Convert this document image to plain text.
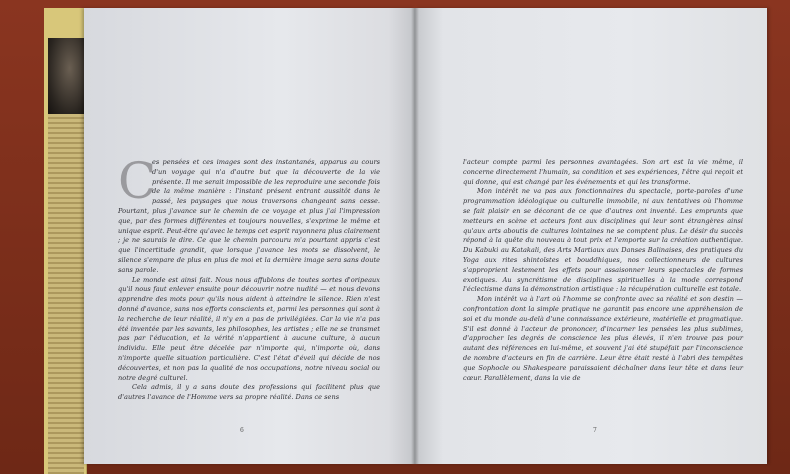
C

es pensées et ces images sont des instantanés, apparus au cours d'un voyage qui n'a d'autre but que la découverte de la vie présente. Il me serait impossible de les reproduire une seconde fois de la même manière : l'instant présent entrant aussitôt dans le passé, les paysages que nous traversons changeant sans cesse. Pourtant, plus j'avance sur le chemin de ce voyage et plus j'ai l'impression que, par des formes différentes et toujours nouvelles, s'exprime le même et unique esprit. Peut-être qu'avec le temps cet esprit rayonnera plus clairement ; je ne saurais le dire. Ce que le chemin parcouru m'a pourtant appris c'est que l'incertitude grandit, que lorsque j'avance les mots se dissolvent, le silence s'empare de plus en plus de moi et la dernière image sera sans doute sans parole.

Le monde est ainsi fait. Nous nous affublons de toutes sortes d'oripeaux qu'il nous faut enlever ensuite pour découvrir notre nudité — et nous devons apprendre des mots pour qu'ils nous aident à atteindre le silence. Rien n'est donné d'avance, sans nos efforts conscients et, parmi les personnes qui sont à la recherche de leur réalité, il n'y en a pas de privilégiées. Car la vie n'a pas été inventée par les savants, les philosophes, les artistes ; elle ne se transmet pas par l'éducation, et la vérité n'appartient à aucune culture, à aucun individu. Elle peut être décelée par n'importe qui, n'importe où, dans n'importe quelle situation particulière. C'est l'état d'éveil qui décide de nos découvertes, et non pas la qualité de nos occupations, notre niveau social ou notre degré culturel.

Cela admis, il y a sans doute des professions qui facilitent plus que d'autres l'avance de l'Homme vers sa propre réalité. Dans ce sens

6

l'acteur compte parmi les personnes avantagées. Son art est la vie même, il concerne directement l'humain, sa condition et ses expériences, l'être qui reçoit et qui donne, qui est changé par les événements et qui les transforme.

Mon intérêt ne va pas aux fonctionnaires du spectacle, porte-paroles d'une programmation idéologique ou culturelle immobile, ni aux tentatives où l'homme se fait plaisir en se décorant de ce que d'autres ont inventé. Les emprunts que metteurs en scène et acteurs font aux disciplines qui leur sont étrangères ainsi qu'aux arts aboutis de cultures lointaines ne se comptent plus. Le désir du succès répond à la quête du nouveau à tout prix et l'emporte sur la création authentique. Du Kabuki au Katakali, des Arts Martiaux aux Danses Balinaises, des pratiques du Yoga aux rites shintoïstes et bouddhiques, nos collectionneurs de cultures s'approprient lestement les effets pour assaisonner leurs spectacles de formes exotiques. Au syncrétisme de disciplines spirituelles à la mode correspond l'éclectisme dans la démonstration artistique : la récupération culturelle est totale.

Mon intérêt va à l'art où l'homme se confronte avec sa réalité et son destin — confrontation dont la simple pratique ne garantit pas encore une appréhension de soi et du monde au-delà d'une connaissance extérieure, matérielle et pragmatique. S'il est donné à l'acteur de prononcer, d'incarner les pensées les plus sublimes, d'approcher les degrés de conscience les plus élevés, il n'en trouve pas pour autant des références en lui-même, et souvent j'ai été stupéfait par l'inconscience de nombre d'acteurs en fin de carrière. Leur être était resté à l'abri des tempêtes que Sophocle ou Shakespeare paraissaient déchaîner dans leur tête et dans leur cœur. Parallèlement, dans la vie de

7
